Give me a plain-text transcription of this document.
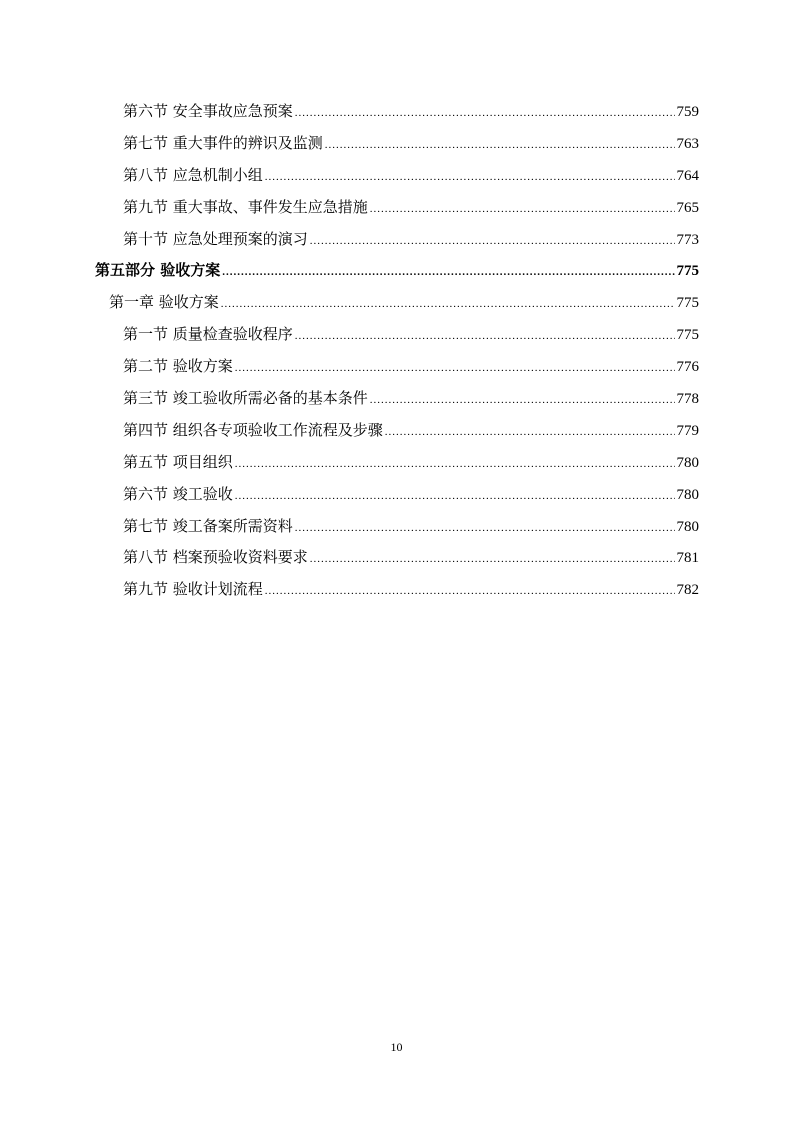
第六节 安全事故应急预案 .....	759
第七节 重大事件的辨识及监测 .....	763
第八节 应急机制小组 .....	764
第九节 重大事故、事件发生应急措施 .....	765
第十节 应急处理预案的演习 .....	773
第五部分 验收方案 .....	775
第一章 验收方案 .....	775
第一节 质量检查验收程序 .....	775
第二节 验收方案 .....	776
第三节 竣工验收所需必备的基本条件 .....	778
第四节 组织各专项验收工作流程及步骤 .....	779
第五节 项目组织 .....	780
第六节 竣工验收 .....	780
第七节 竣工备案所需资料 .....	780
第八节 档案预验收资料要求 .....	781
第九节 验收计划流程 .....	782
10
